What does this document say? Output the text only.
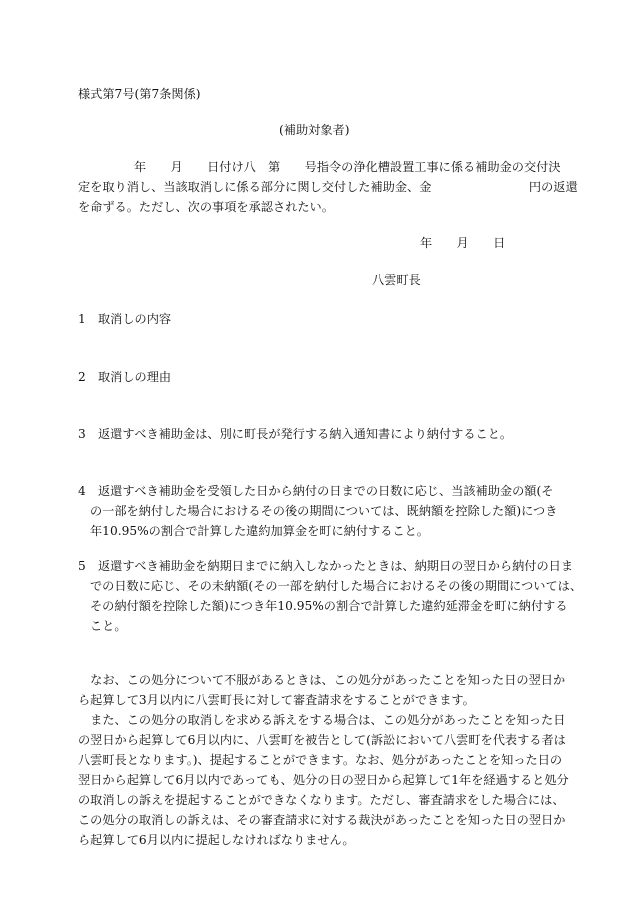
様式第7号(第7条関係)
(補助対象者)
年　　月　　日付け八　第　　号指令の浄化槽設置工事に係る補助金の交付決
定を取り消し、当該取消しに係る部分に関し交付した補助金、金　　　　　　　　円の返還
を命ずる。ただし、次の事項を承認されたい。
年　　月　　日
八雲町長
1　取消しの内容
2　取消しの理由
3　返還すべき補助金は、別に町長が発行する納入通知書により納付すること。
4　返還すべき補助金を受領した日から納付の日までの日数に応じ、当該補助金の額(そ
の一部を納付した場合におけるその後の期間については、既納額を控除した額)につき
年10.95%の割合で計算した違約加算金を町に納付すること。
5　返還すべき補助金を納期日までに納入しなかったときは、納期日の翌日から納付の日ま
での日数に応じ、その未納額(その一部を納付した場合におけるその後の期間については、
その納付額を控除した額)につき年10.95%の割合で計算した違約延滞金を町に納付する
こと。
　なお、この処分について不服があるときは、この処分があったことを知った日の翌日か
ら起算して3月以内に八雲町長に対して審査請求をすることができます。
　また、この処分の取消しを求める訴えをする場合は、この処分があったことを知った日
の翌日から起算して6月以内に、八雲町を被告として(訴訟において八雲町を代表する者は
八雲町長となります。)、提起することができます。なお、処分があったことを知った日の
翌日から起算して6月以内であっても、処分の日の翌日から起算して1年を経過すると処分
の取消しの訴えを提起することができなくなります。ただし、審査請求をした場合には、
この処分の取消しの訴えは、その審査請求に対する裁決があったことを知った日の翌日か
ら起算して6月以内に提起しなければなりません。
